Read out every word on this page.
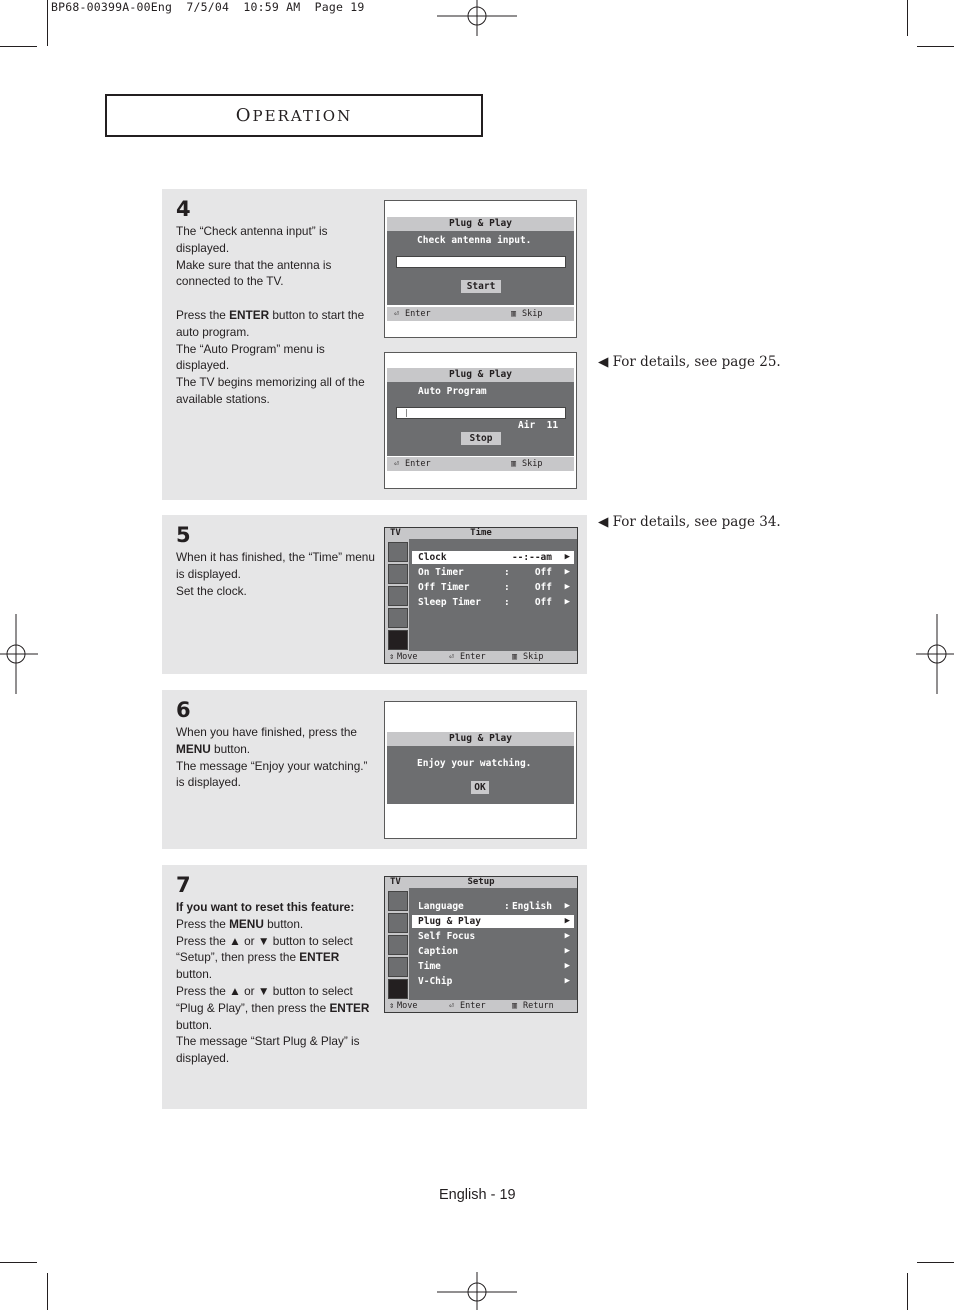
BP68-00399A-00Eng  7/5/04  10:59 AM  Page 19
OPERATION
4

The “Check antenna input” is displayed.

Make sure that the antenna is connected to the TV.

Press the ENTER button to start the auto program.

The “Auto Program” menu is displayed.

The TV begins memorizing all of the available stations.

Plug & Play
Check antenna input.
Start
⏎ Enter	▥ Skip
Plug & Play
Auto Program
Air  11
Stop
⏎ Enter	▥ Skip
◀ For details, see page 25.
5

When it has finished, the “Time” menu is displayed.

Set the clock.

TV	Time
Clock	--:--am ▶
On Timer	:	Off ▶
Off Timer	:	Off ▶
Sleep Timer :	Off ▶
⇕ Move	⏎ Enter	▥ Skip
◀ For details, see page 34.
6

When you have finished, press the MENU button.

The message “Enjoy your watching.” is displayed.

Plug & Play
Enjoy your watching.
OK
7

If you want to reset this feature:

Press the MENU button.

Press the ▲ or ▼ button to select “Setup”, then press the ENTER button.

Press the ▲ or ▼ button to select “Plug & Play”, then press the ENTER button.

The message “Start Plug & Play” is displayed.

TV	Setup
Language	: English ▶
Plug & Play	▶
Self Focus	▶
Caption	▶
Time	▶
V-Chip	▶
⇕ Move	⏎ Enter	▥ Return
English - 19
